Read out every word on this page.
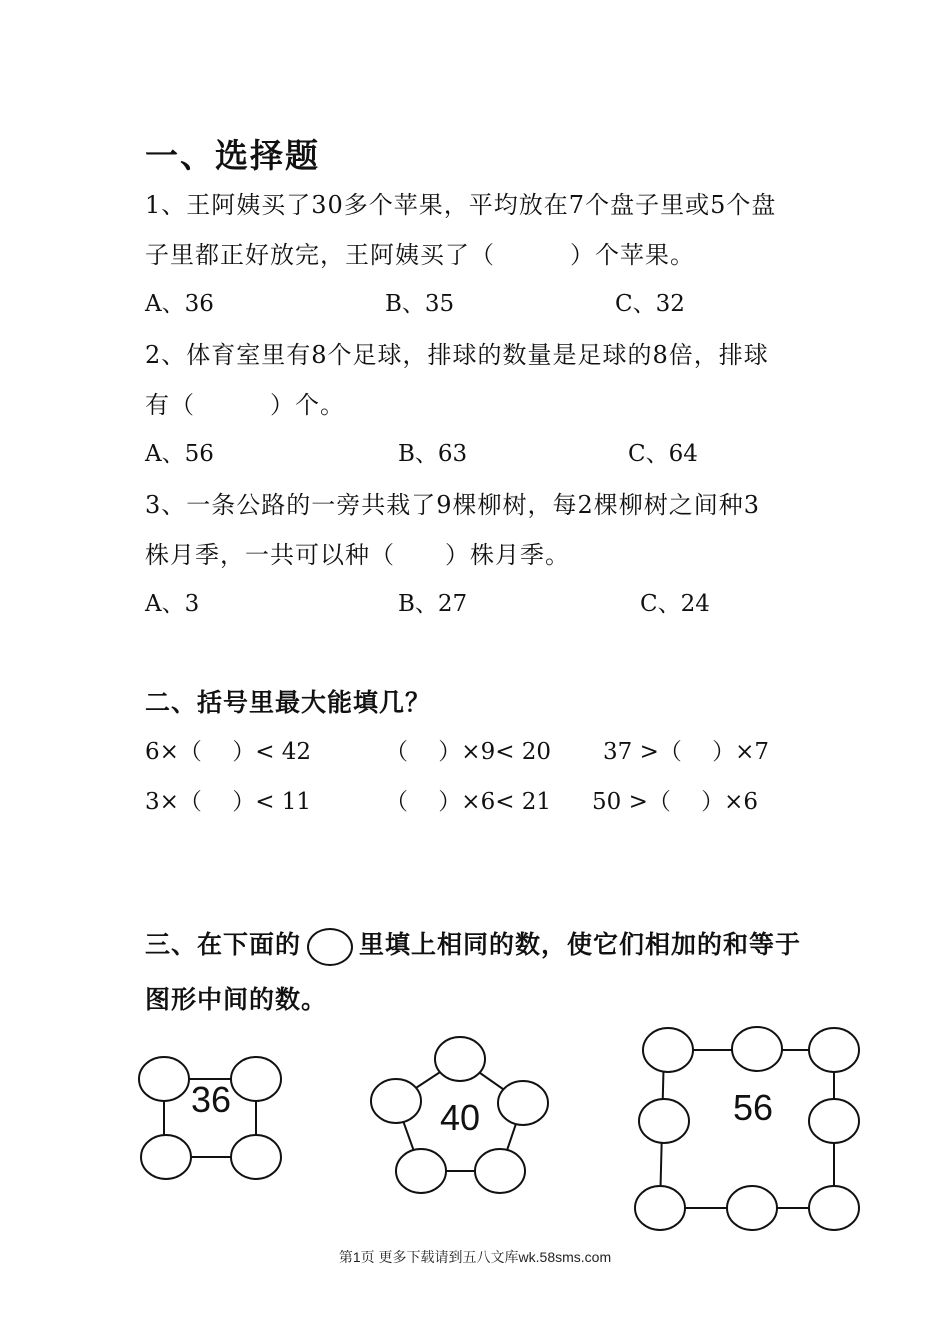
一、选择题
1、王阿姨买了30多个苹果，平均放在7个盘子里或5个盘
子里都正好放完，王阿姨买了（　　　）个苹果。
A、36	B、35	C、32
2、体育室里有8个足球，排球的数量是足球的8倍，排球
有（　　　）个。
A、56	B、63	C、64
3、一条公路的一旁共栽了9棵柳树，每2棵柳树之间种3
株月季，一共可以种（　　）株月季。
A、3	B、27	C、24
二、括号里最大能填几？
6×（　 ）< 42	（　 ）×9< 20 37 >（　 ）×7
3×（　 ）< 11	（　 ）×6< 21 50 >（　 ）×6
三、在下面的 里填上相同的数，使它们相加的和等于
图形中间的数。
36	40	56
第1页 更多下载请到五八文库wk.58sms.com
